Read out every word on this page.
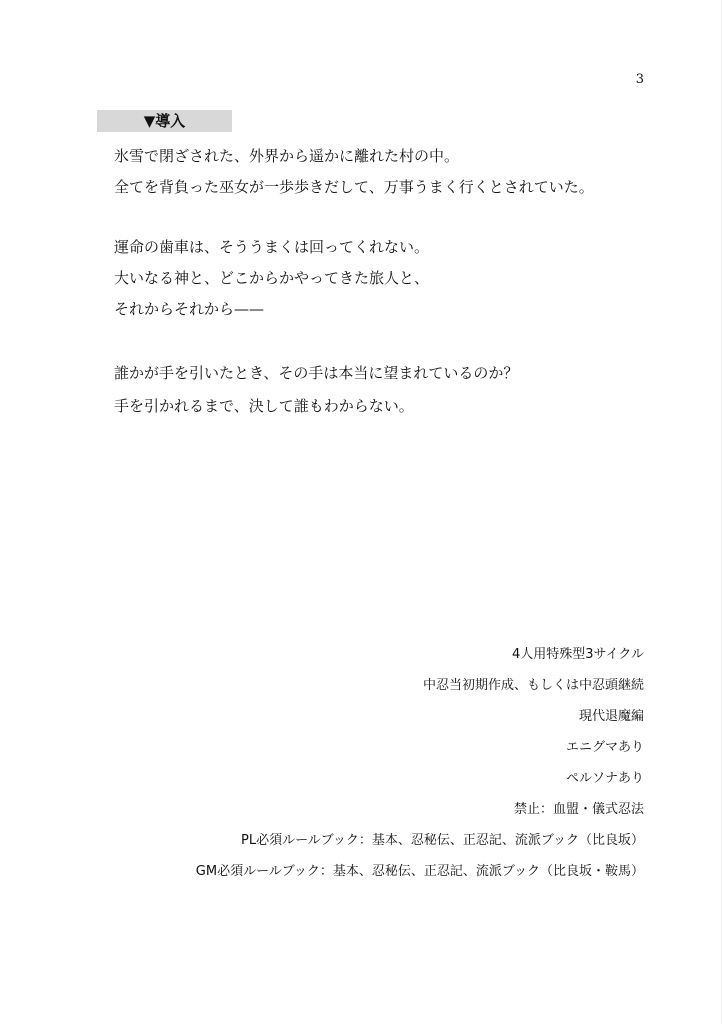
3
▼導入
氷雪で閉ざされた、外界から遥かに離れた村の中。
全てを背負った巫女が一歩歩きだして、万事うまく行くとされていた。
運命の歯車は、そううまくは回ってくれない。
大いなる神と、どこからかやってきた旅人と、
それからそれから——
誰かが手を引いたとき、その手は本当に望まれているのか？
手を引かれるまで、決して誰もわからない。
4人用特殊型3サイクル
中忍当初期作成、もしくは中忍頭継続
現代退魔編
エニグマあり
ペルソナあり
禁止：血盟・儀式忍法
PL必須ルールブック：基本、忍秘伝、正忍記、流派ブック（比良坂）
GM必須ルールブック：基本、忍秘伝、正忍記、流派ブック（比良坂・鞍馬）
